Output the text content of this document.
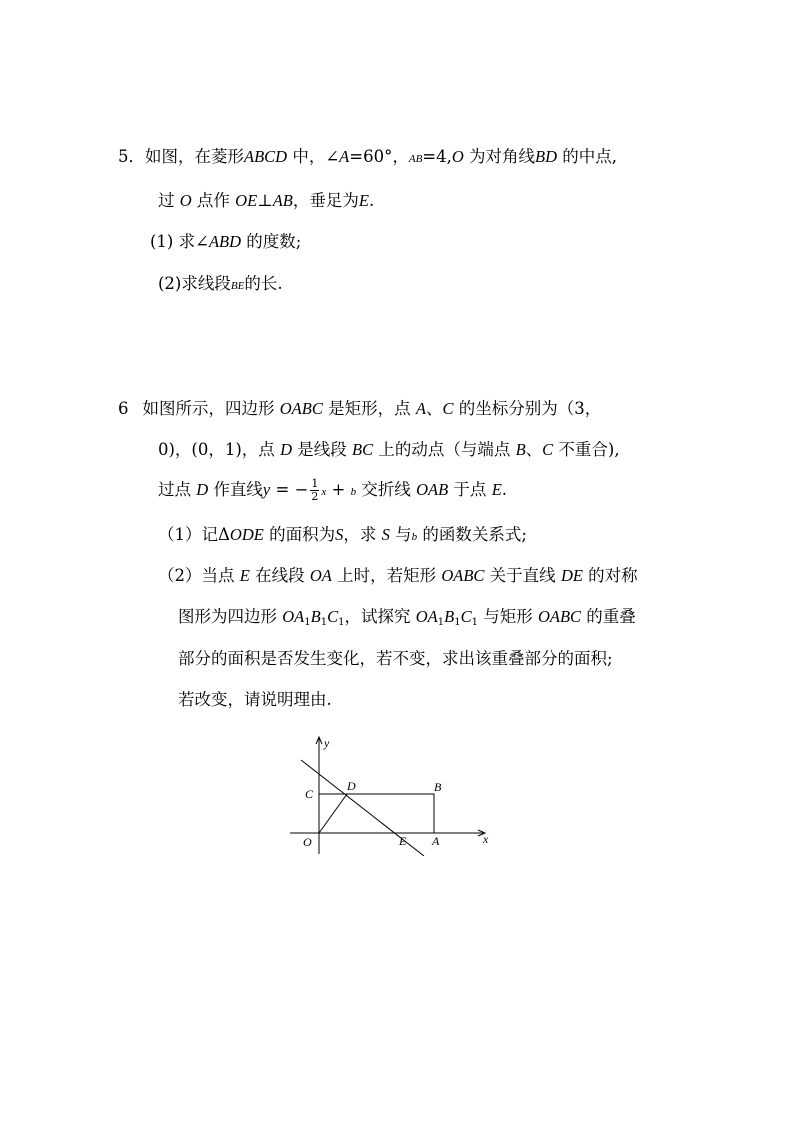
5．如图，在菱形ABCD 中，∠A=60°，AB=4,O 为对角线BD 的中点,
过 O 点作 OE⊥AB，垂足为E.
(1) 求∠ABD 的度数;
(2)求线段BE的长.
6 如图所示，四边形 OABC 是矩形，点 A、C 的坐标分别为（3，
0)，(0，1)，点 D 是线段 BC 上的动点（与端点 B、C 不重合),
过点 D 作直线y = − $\frac{1}{2}$ x + b 交折线 OAB 于点 E.
（1）记ΔODE 的面积为S，求 S 与b 的函数关系式;
（2）当点 E 在线段 OA 上时，若矩形 OABC 关于直线 DE 的对称
图形为四边形 $OA_1B_1C_1$，试探究 $OA_1B_1C_1$ 与矩形 OABC 的重叠
部分的面积是否发生变化，若不变，求出该重叠部分的面积;
若改变，请说明理由.
y
x
O
C
D	B
E A
